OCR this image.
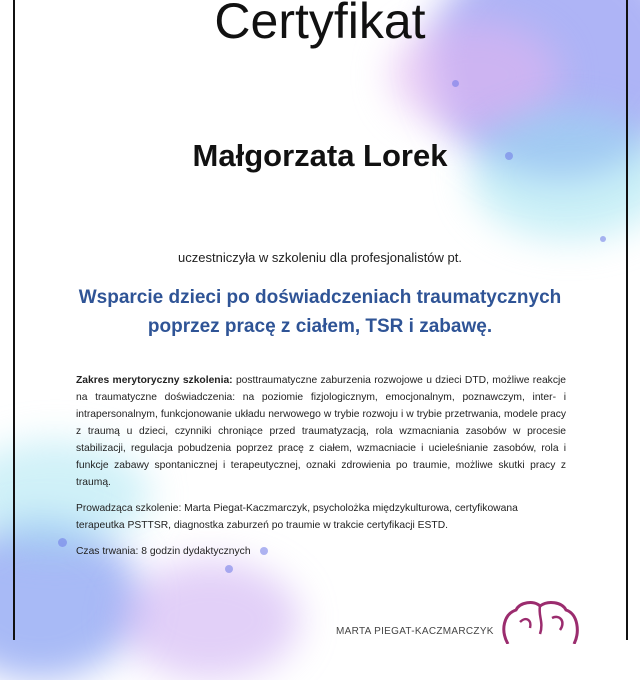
Certyfikat
Małgorzata Lorek
uczestniczyła w szkoleniu dla profesjonalistów pt.
Wsparcie dzieci po doświadczeniach traumatycznych
poprzez pracę z ciałem, TSR i zabawę.
Zakres merytoryczny szkolenia: posttraumatyczne zaburzenia rozwojowe u dzieci DTD, możliwe reakcje na traumatyczne doświadczenia: na poziomie fizjologicznym, emocjonalnym, poznawczym, inter- i intrapersonalnym, funkcjonowanie układu nerwowego w trybie rozwoju i w trybie przetrwania, modele pracy z traumą u dzieci, czynniki chroniące przed traumatyzacją, rola wzmacniania zasobów w procesie stabilizacji, regulacja pobudzenia poprzez pracę z ciałem, wzmacniacie i ucieleśnianie zasobów, rola i funkcje zabawy spontanicznej i terapeutycznej, oznaki zdrowienia po traumie, możliwe skutki pracy z traumą.
Prowadząca szkolenie: Marta Piegat-Kaczmarczyk, psycholożka międzykulturowa, certyfikowana terapeutka PSTTSR, diagnostka zaburzeń po traumie w trakcie certyfikacji ESTD.
Czas trwania: 8 godzin dydaktycznych
MARTA PIEGAT-KACZMARCZYK
